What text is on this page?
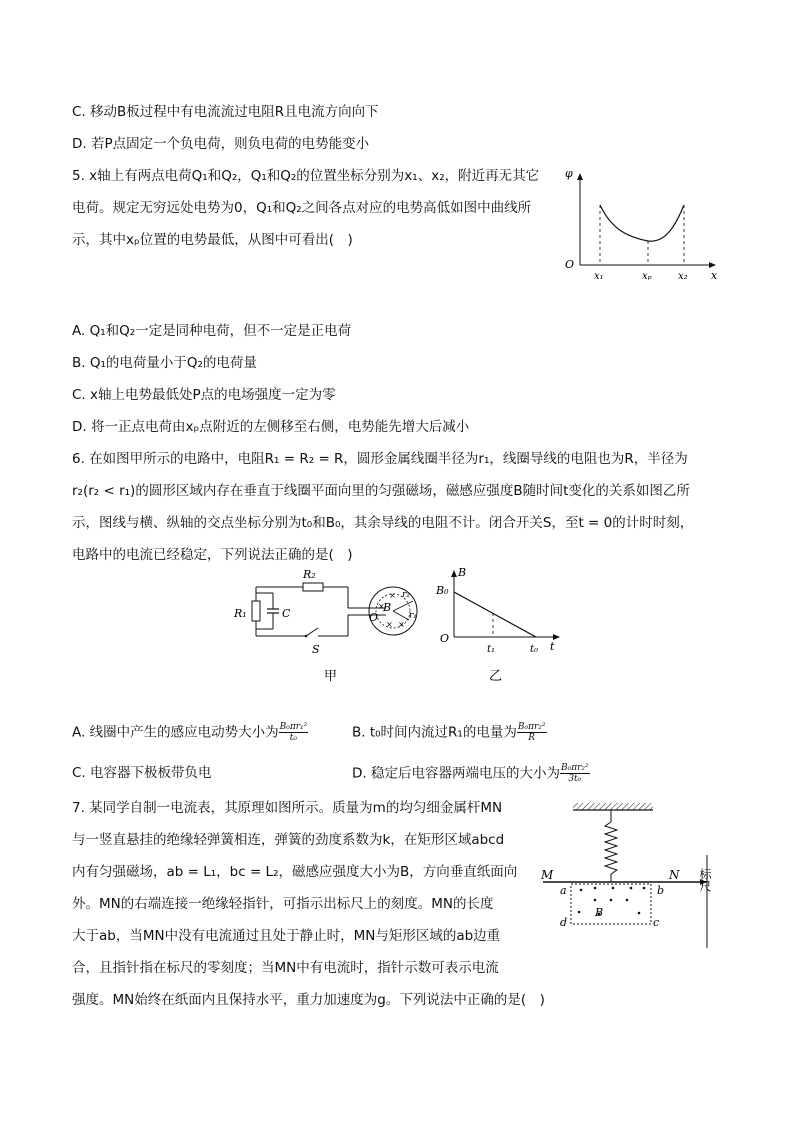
C. 移动B板过程中有电流流过电阻R且电流方向向下
D. 若P点固定一个负电荷，则负电荷的电势能变小
5. x轴上有两点电荷Q₁和Q₂，Q₁和Q₂的位置坐标分别为x₁、x₂，附近再无其它
电荷。规定无穷远处电势为0，Q₁和Q₂之间各点对应的电势高低如图中曲线所
示，其中xₚ位置的电势最低，从图中可看出(　)
φ
O
x₁	xₚ	x₂ x
A. Q₁和Q₂一定是同种电荷，但不一定是正电荷
B. Q₁的电荷量小于Q₂的电荷量
C. x轴上电势最低处P点的电场强度一定为零
D. 将一正点电荷由xₚ点附近的左侧移至右侧，电势能先增大后减小
6. 在如图甲所示的电路中，电阻R₁ = R₂ = R，圆形金属线圈半径为r₁，线圈导线的电阻也为R，半径为
r₂(r₂ < r₁)的圆形区域内存在垂直于线圈平面向里的匀强磁场，磁感应强度B随时间t变化的关系如图乙所
示，图线与横、纵轴的交点坐标分别为t₀和B₀，其余导线的电阻不计。闭合开关S，至t = 0的计时时刻，
电路中的电流已经稳定，下列说法正确的是(　)
×
×
× ×
R₂
R₁	C
S
B
O
r₂
r₁
甲
B
B₀
O
t₁	t₀ t
乙
A. 线圈中产生的感应电动势大小为 $\frac{\text{B₀πr₁²}}{\text{t₀}}$	B. t₀时间内流过R₁的电量为 $\frac{\text{B₀πr₂²}}{R}$
C. 电容器下极板带负电	D. 稳定后电容器两端电压的大小为 $\frac{\text{B₀πr₂²}}{\text{3t₀}}$
7. 某同学自制一电流表，其原理如图所示。质量为m的均匀细金属杆MN
与一竖直悬挂的绝缘轻弹簧相连，弹簧的劲度系数为k，在矩形区域abcd
内有匀强磁场，ab = L₁，bc = L₂，磁感应强度大小为B，方向垂直纸面向
外。MN的右端连接一绝缘轻指针，可指示出标尺上的刻度。MN的长度
大于ab，当MN中没有电流通过且处于静止时，MN与矩形区域的ab边重
合，且指针指在标尺的零刻度；当MN中有电流时，指针示数可表示电流
强度。MN始终在纸面内且保持水平，重力加速度为g。下列说法中正确的是(　)
M	N
a	b
d	c
B
标尺
